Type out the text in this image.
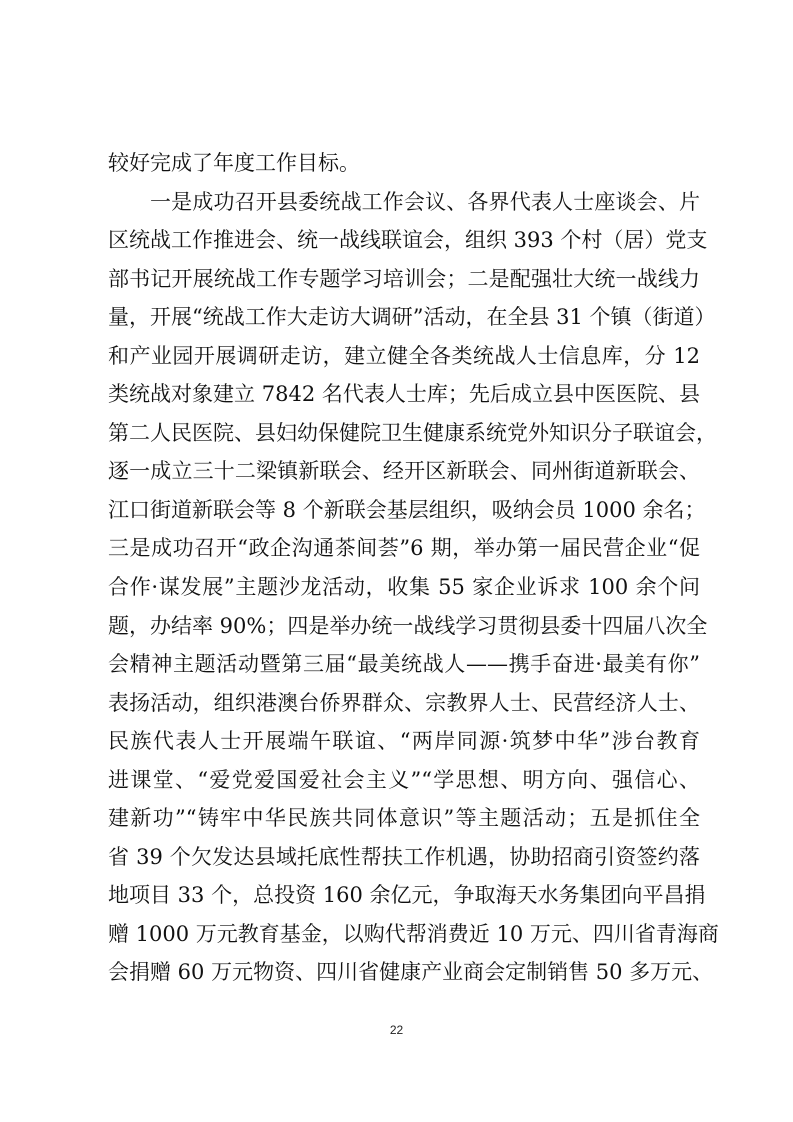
较好完成了年度工作目标。
一是成功召开县委统战工作会议、各界代表人士座谈会、片
区统战工作推进会、统一战线联谊会，组织 393 个村（居）党支
部书记开展统战工作专题学习培训会；二是配强壮大统一战线力
量，开展“统战工作大走访大调研”活动，在全县 31 个镇（街道）
和产业园开展调研走访，建立健全各类统战人士信息库，分 12
类统战对象建立 7842 名代表人士库；先后成立县中医医院、县
第二人民医院、县妇幼保健院卫生健康系统党外知识分子联谊会，
逐一成立三十二梁镇新联会、经开区新联会、同州街道新联会、
江口街道新联会等 8 个新联会基层组织，吸纳会员 1000 余名；
三是成功召开“政企沟通茶间荟”6 期，举办第一届民营企业“促
合作·谋发展”主题沙龙活动，收集 55 家企业诉求 100 余个问
题，办结率 90%；四是举办统一战线学习贯彻县委十四届八次全
会精神主题活动暨第三届“最美统战人——携手奋进·最美有你”
表扬活动，组织港澳台侨界群众、宗教界人士、民营经济人士、
民族代表人士开展端午联谊、“两岸同源·筑梦中华”涉台教育
进课堂、“爱党爱国爱社会主义”“学思想、明方向、强信心、
建新功”“铸牢中华民族共同体意识”等主题活动；五是抓住全
省 39 个欠发达县域托底性帮扶工作机遇，协助招商引资签约落
地项目 33 个，总投资 160 余亿元，争取海天水务集团向平昌捐
赠 1000 万元教育基金，以购代帮消费近 10 万元、四川省青海商
会捐赠 60 万元物资、四川省健康产业商会定制销售 50 多万元、
22
